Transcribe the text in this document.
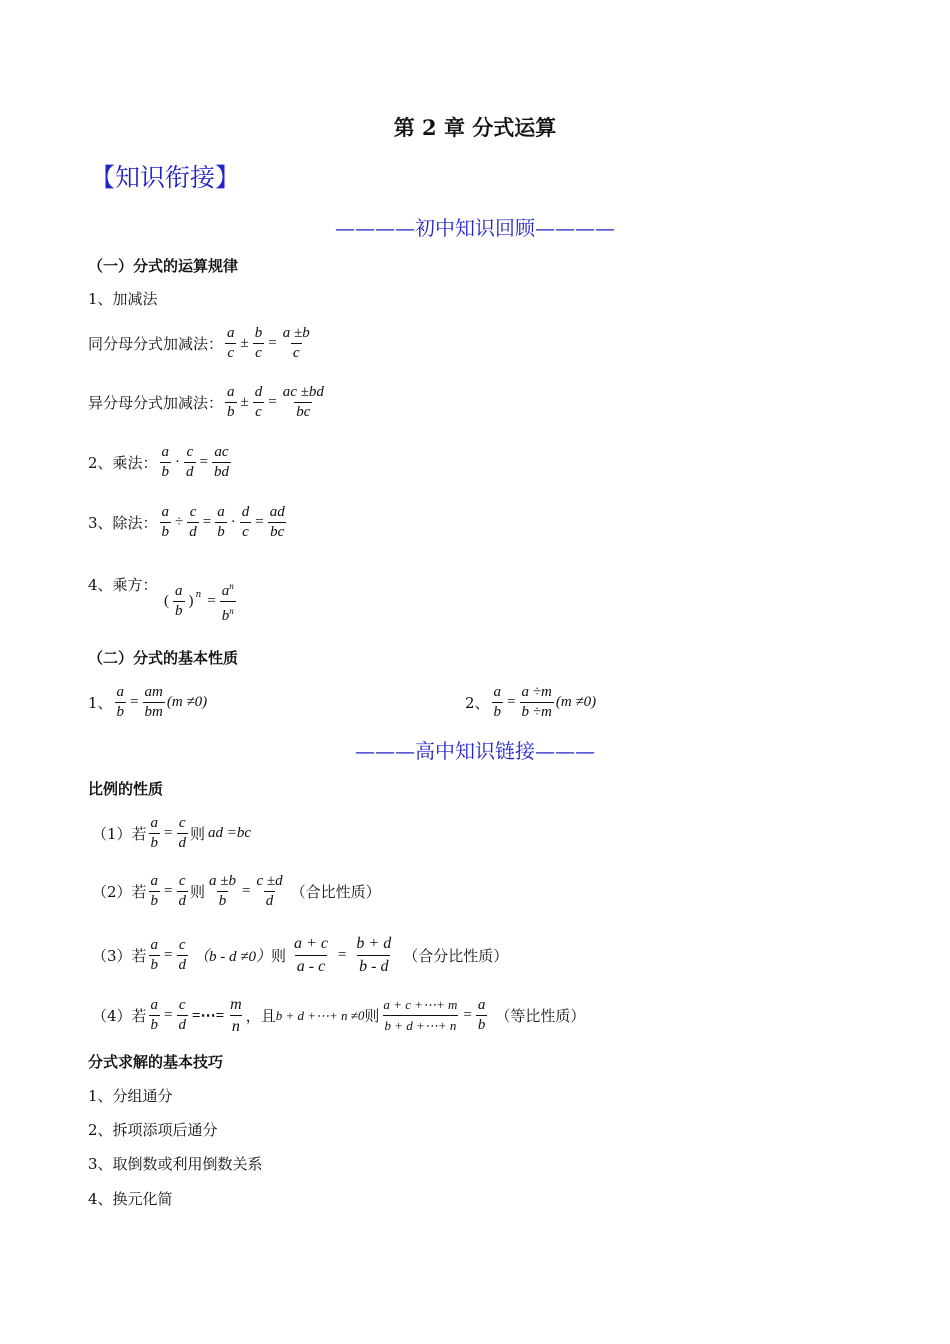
第 2 章 分式运算
【知识衔接】
————初中知识回顾————
（一）分式的运算规律
1、加减法
同分母分式加减法： $\frac{a}{c} \pm \frac{b}{c} = \frac{a \pm b}{c}$
异分母分式加减法： $\frac{a}{b} \pm \frac{d}{c} = \frac{ac \pm bd}{bc}$
2、乘法： $\frac{a}{b} \cdot \frac{c}{d} = \frac{ac}{bd}$
3、除法： $\frac{a}{b} \div \frac{c}{d} = \frac{a}{b} \cdot \frac{d}{c} = \frac{ad}{bc}$
4、乘方：
( $\frac{a}{b}$ ) $n = \frac{a^n}{b^n}$
（二）分式的基本性质
1、 $\frac{a}{b} = \frac{am}{bm} (m \ne 0)$	2、 $\frac{a}{b} = \frac{a \div m}{b \div m} (m \ne 0)$
———高中知识链接———
比例的性质
（1）若 $\frac{a}{b} = \frac{c}{d}$ 则 ad =bc
（2）若 $\frac{a}{b} = \frac{c}{d}$ 则 $\frac{a \pm b}{b} = \frac{c \pm d}{d}$ （合比性质）
（3）若 $\frac{a}{b} = \frac{c}{d} (b - d \ne 0)$ 则 $\frac{a + c}{a - c} = \frac{b + d}{b - d}$ （合分比性质）
（4）若 $\frac{a}{b} = \frac{c}{d}$ =⋯= $\frac{m}{n}$ ，且 b + d +⋯+ n ≠0 则 $\frac{a + c +\cdots+ m}{b + d +\cdots+ n} = \frac{a}{b}$ （等比性质）
分式求解的基本技巧
1、分组通分
2、拆项添项后通分
3、取倒数或利用倒数关系
4、换元化简
